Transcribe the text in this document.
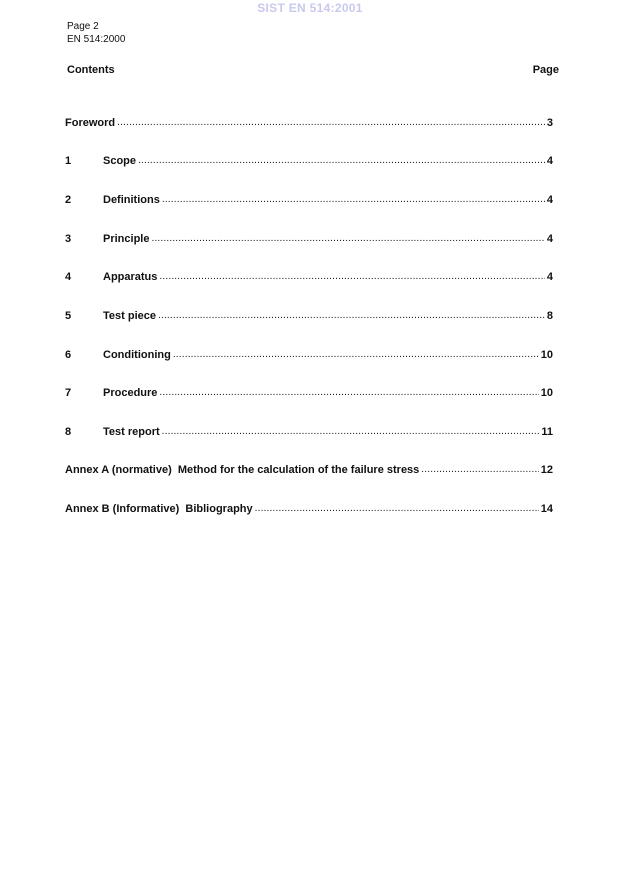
SIST EN 514:2001
Page 2
EN 514:2000
Contents	Page
Foreword .....	3
1	Scope .....	4
2	Definitions .....	4
3	Principle .....	4
4	Apparatus .....	4
5	Test piece .....	8
6	Conditioning .....	10
7	Procedure .....	10
8	Test report .....	11
Annex A (normative)  Method for the calculation of the failure stress .....	12
Annex B (Informative)  Bibliography .....	14
